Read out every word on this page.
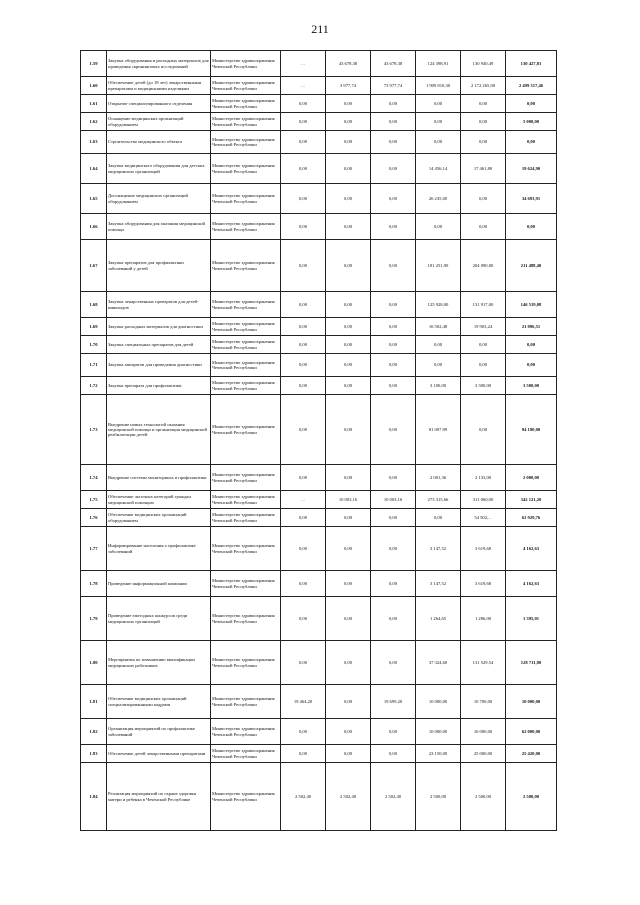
211
1.59	Закупка оборудования и расходных материалов для проведения скрининговых исследований	Министерство здравоохранения Чеченской Республики	...	43 678,38	43 678,38	124 398,91	130 940,49	130 427,81
1.60	Обеспечение детей (до 18 лет) лекарственными препаратами и медицинскими изделиями	Министерство здравоохранения Чеченской Республики	...	3 977,74	73 977,74	1 909 810,30	2 172 265,00	2 499 317,46
1.61	Открытие специализированного отделения	Министерство здравоохранения Чеченской Республики	0,00	0,00	0,00	0,00	0,00	0,00
1.62	Оснащение медицинских организаций оборудованием	Министерство здравоохранения Чеченской Республики	0,00	0,00	0,00	0,00	0,00	5 000,00
1.63	Строительство медицинского объекта	Министерство здравоохранения Чеченской Республики	0,00	0,00	0,00	0,00	0,00	0,00
1.64	Закупка медицинского оборудования для детских медицинских организаций	Министерство здравоохранения Чеченской Республики	0,00	0,00	0,00	14 456,14	17 461,80	19 624,90
1.65	Дооснащение медицинских организаций оборудованием	Министерство здравоохранения Чеченской Республики	0,00	0,00	0,00	26 235,00	0,00	34 693,91
1.66	Закупка оборудования для оказания медицинской помощи	Министерство здравоохранения Чеченской Республики	0,00	0,00	0,00	0,00	0,00	0,00
1.67	Закупка препаратов для профилактики заболеваний у детей	Министерство здравоохранения Чеченской Республики	0,00	0,00	0,00	181 251,90	204 090,00	211 488,40
1.68	Закупка лекарственных препаратов для детей-инвалидов	Министерство здравоохранения Чеченской Республики	0,00	0,00	0,00	125 928,00	131 917,00	146 519,08
1.69	Закупка расходных материалов для диагностики	Министерство здравоохранения Чеченской Республики	0,00	0,00	0,00	16 502,48	19 903,24	21 896,51
1.70	Закупка специальных препаратов для детей	Министерство здравоохранения Чеченской Республики	0,00	0,00	0,00	0,00	0,00	0,00
1.71	Закупка аппаратов для проведения диагностики	Министерство здравоохранения Чеченской Республики	0,00	0,00	0,00	0,00	0,00	0,00
1.72	Закупка препарата для профилактики	Министерство здравоохранения Чеченской Республики	0,00	0,00	0,00	3 100,00	3 300,00	3 500,00
1.73	Внедрение новых технологий оказания медицинской помощи и организация медицинской реабилитации детей	Министерство здравоохранения Чеченской Республики	0,00	0,00	0,00	81 007,99	0,00	94 180,00
1.74	Внедрение системы мониторинга и профилактики	Министерство здравоохранения Чеченской Республики	0,00	0,00	0,00	2 001,36	2 133,00	2 000,00
1.75	Обеспечение льготных категорий граждан медицинской помощью	Министерство здравоохранения Чеченской Республики	...	10 003,16	10 003,16	273 315,66	311 060,00	342 121,20
1.76	Обеспечение медицинских организаций оборудованием	Министерство здравоохранения Чеченской Республики	0,00	0,00	0,00	0,00	54 502,...	62 929,76
1.77	Информирование населения о профилактике заболеваний	Министерство здравоохранения Чеченской Республики	0,00	0,00	0,00	3 147,52	3 619,68	4 162,63
1.78	Проведение информационной кампании	Министерство здравоохранения Чеченской Республики	0,00	0,00	0,00	3 147,52	3 619,68	4 162,63
1.79	Проведение ежегодных конкурсов среди медицинских организаций	Министерство здравоохранения Чеченской Республики	0,00	0,00	0,00	1 264,65	1 286,00	1 395,01
1.80	Мероприятия по повышению квалификации медицинских работников	Министерство здравоохранения Чеченской Республики	0,00	0,00	0,00	37 324,60	131 529,54	128 711,80
1.81	Обеспечение медицинских организаций специализированными кадрами	Министерство здравоохранения Чеченской Республики	19 464,20	0,00	19 699,20	10 000,00	10 700,00	10 000,00
1.82	Организация мероприятий по профилактике заболеваний	Министерство здравоохранения Чеченской Республики	0,00	0,00	0,00	10 000,00	16 000,00	62 000,00
1.83	Обеспечение детей лекарственными препаратами	Министерство здравоохранения Чеченской Республики	0,00	0,00	0,00	23 150,00	25 000,00	25 420,00
1.84	Реализация мероприятий по охране здоровья матери и ребенка в Чеченской Республике	Министерство здравоохранения Чеченской Республики	2 502,40	2 502,40	2 502,40	2 500,00	2 500,00	2 500,00
